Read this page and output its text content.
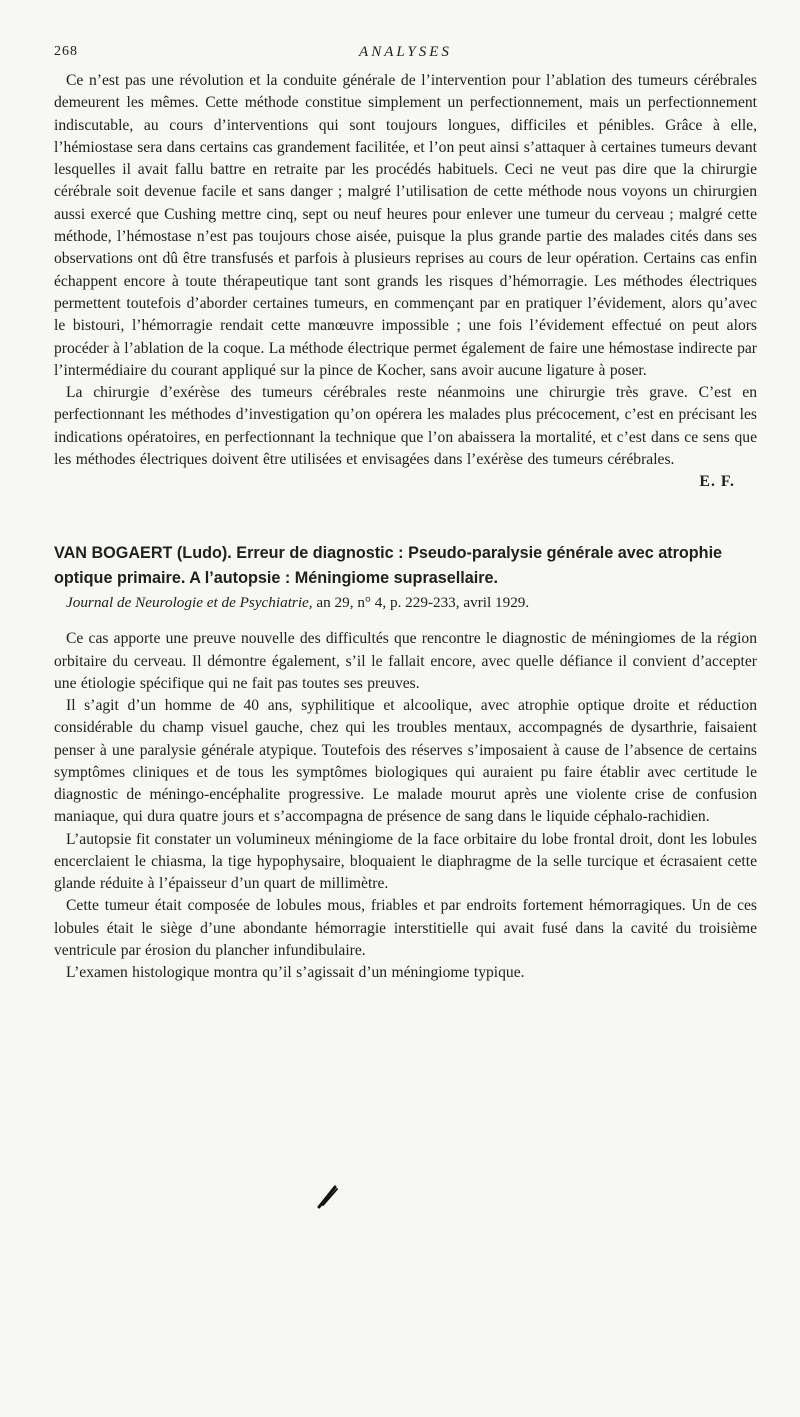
268	ANALYSES

Ce n’est pas une révolution et la conduite générale de l’intervention pour l’ablation des tumeurs cérébrales demeurent les mêmes. Cette méthode constitue simplement un perfectionnement, mais un perfectionnement indiscutable, au cours d’interventions qui sont toujours longues, difficiles et pénibles. Grâce à elle, l’hémiostase sera dans certains cas grandement facilitée, et l’on peut ainsi s’attaquer à certaines tumeurs devant lesquelles il avait fallu battre en retraite par les procédés habituels. Ceci ne veut pas dire que la chirurgie cérébrale soit devenue facile et sans danger ; malgré l’utilisation de cette méthode nous voyons un chirurgien aussi exercé que Cushing mettre cinq, sept ou neuf heures pour enlever une tumeur du cerveau ; malgré cette méthode, l’hémostase n’est pas toujours chose aisée, puisque la plus grande partie des malades cités dans ses observations ont dû être transfusés et parfois à plusieurs reprises au cours de leur opération. Certains cas enfin échappent encore à toute thérapeutique tant sont grands les risques d’hémorragie. Les méthodes électriques permettent toutefois d’aborder certaines tumeurs, en commençant par en pratiquer l’évidement, alors qu’avec le bistouri, l’hémorragie rendait cette manœuvre impossible ; une fois l’évidement effectué on peut alors procéder à l’ablation de la coque. La méthode électrique permet également de faire une hémostase indirecte par l’intermédiaire du courant appliqué sur la pince de Kocher, sans avoir aucune ligature à poser.

La chirurgie d’exérèse des tumeurs cérébrales reste néanmoins une chirurgie très grave. C’est en perfectionnant les méthodes d’investigation qu’on opérera les malades plus précocement, c’est en précisant les indications opératoires, en perfectionnant la technique que l’on abaissera la mortalité, et c’est dans ce sens que les méthodes électriques doivent être utilisées et envisagées dans l’exérèse des tumeurs cérébrales.

E. F.

VAN BOGAERT (Ludo). Erreur de diagnostic : Pseudo-paralysie générale avec atrophie optique primaire. A l’autopsie : Méningiome suprasellaire.
Journal de Neurologie et de Psychiatrie, an 29, n° 4, p. 229-233, avril 1929.

Ce cas apporte une preuve nouvelle des difficultés que rencontre le diagnostic de méningiomes de la région orbitaire du cerveau. Il démontre également, s’il le fallait encore, avec quelle défiance il convient d’accepter une étiologie spécifique qui ne fait pas toutes ses preuves.

Il s’agit d’un homme de 40 ans, syphilitique et alcoolique, avec atrophie optique droite et réduction considérable du champ visuel gauche, chez qui les troubles mentaux, accompagnés de dysarthrie, faisaient penser à une paralysie générale atypique. Toutefois des réserves s’imposaient à cause de l’absence de certains symptômes cliniques et de tous les symptômes biologiques qui auraient pu faire établir avec certitude le diagnostic de méningo-encéphalite progressive. Le malade mourut après une violente crise de confusion maniaque, qui dura quatre jours et s’accompagna de présence de sang dans le liquide céphalo-rachidien.

L’autopsie fit constater un volumineux méningiome de la face orbitaire du lobe frontal droit, dont les lobules encerclaient le chiasma, la tige hypophysaire, bloquaient le diaphragme de la selle turcique et écrasaient cette glande réduite à l’épaisseur d’un quart de millimètre.

Cette tumeur était composée de lobules mous, friables et par endroits fortement hémorragiques. Un de ces lobules était le siège d’une abondante hémorragie interstitielle qui avait fusé dans la cavité du troisième ventricule par érosion du plancher infundibulaire.

L’examen histologique montra qu’il s’agissait d’un méningiome typique.
